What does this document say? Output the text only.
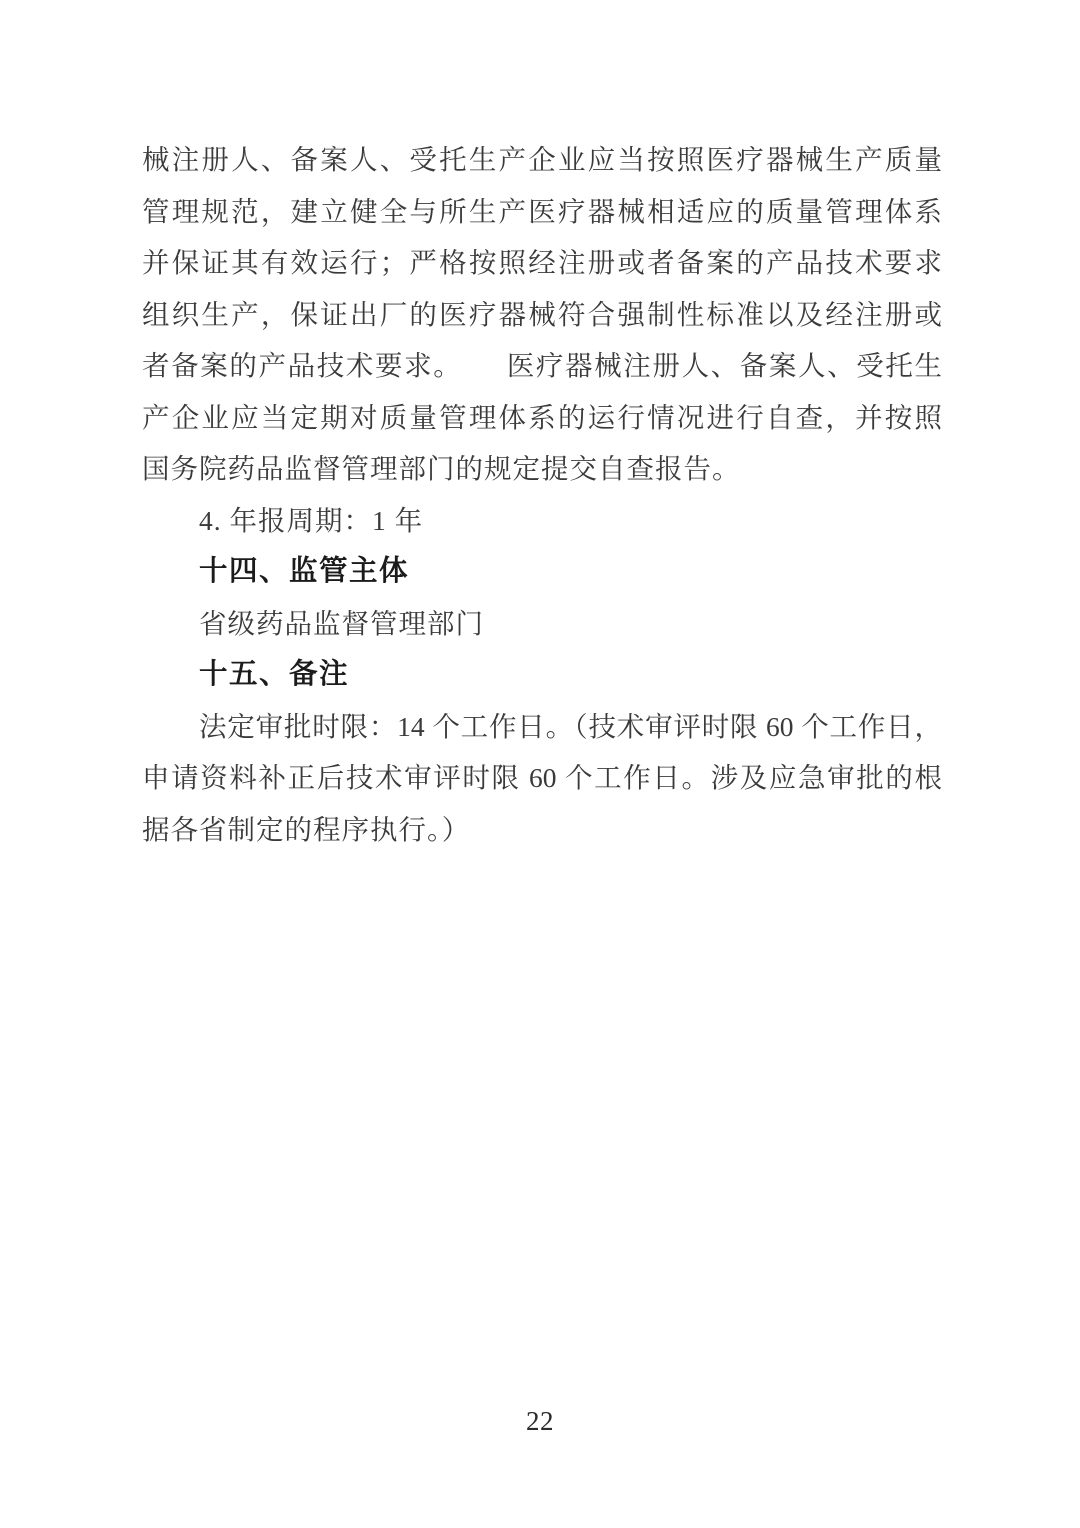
械注册人、备案人、受托生产企业应当按照医疗器械生产质量

管理规范，建立健全与所生产医疗器械相适应的质量管理体系

并保证其有效运行；严格按照经注册或者备案的产品技术要求

组织生产，保证出厂的医疗器械符合强制性标准以及经注册或

者备案的产品技术要求。　　医疗器械注册人、备案人、受托生

产企业应当定期对质量管理体系的运行情况进行自查，并按照

国务院药品监督管理部门的规定提交自查报告。

4. 年报周期：1 年

十四、监管主体

省级药品监督管理部门

十五、备注

法定审批时限：14 个工作日。（技术审评时限 60 个工作日，

申请资料补正后技术审评时限 60 个工作日。涉及应急审批的根

据各省制定的程序执行。）

22
